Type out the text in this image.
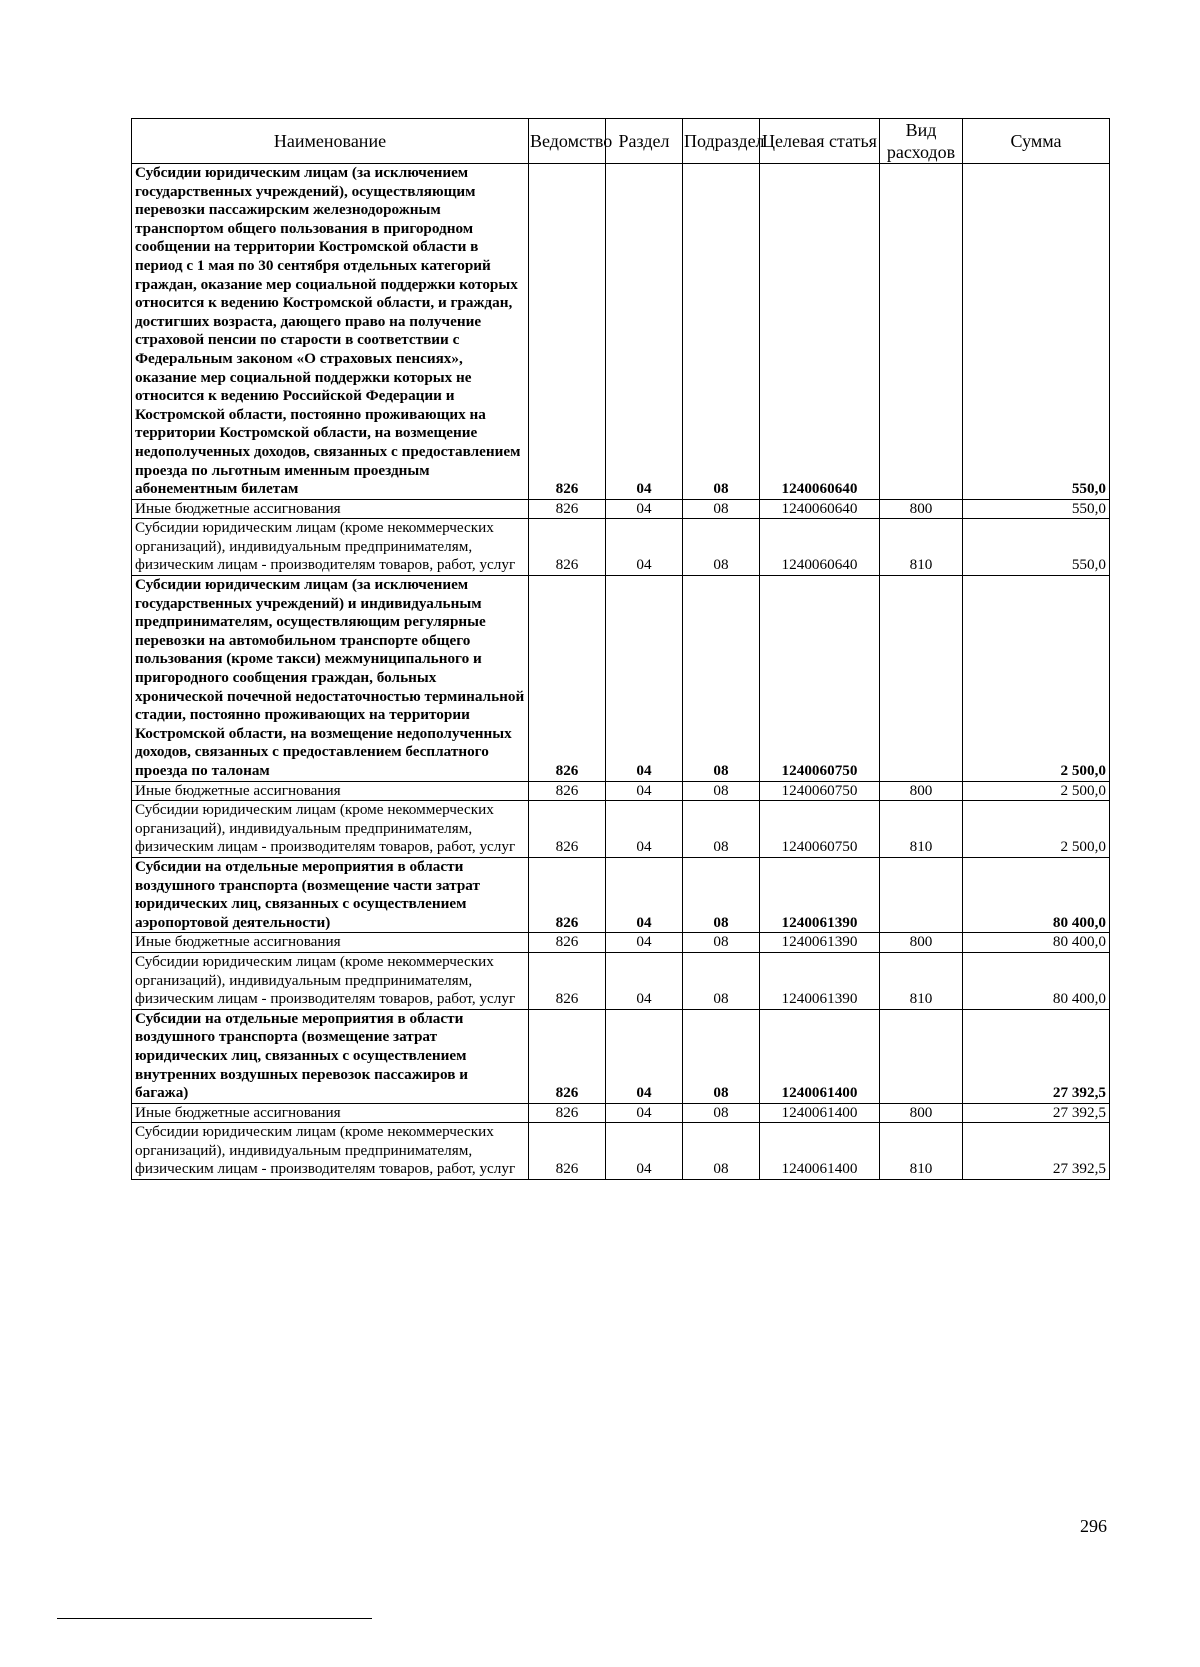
Наименование	Ведомство	Раздел	Подраздел	Целевая статья	Вид расходов	Сумма
Субсидии юридическим лицам (за исключением государственных учреждений), осуществляющим перевозки пассажирским железнодорожным транспортом общего пользования в пригородном сообщении на территории Костромской области в период с 1 мая по 30 сентября отдельных категорий граждан, оказание мер социальной поддержки которых относится к ведению Костромской области, и граждан, достигших возраста, дающего право на получение страховой пенсии по старости в соответствии с Федеральным законом «О страховых пенсиях», оказание мер социальной поддержки которых не относится к ведению Российской Федерации и Костромской области, постоянно проживающих на территории Костромской области, на возмещение недополученных доходов, связанных с предоставлением проезда по льготным именным проездным абонементным билетам	826	04	08	1240060640		550,0
Иные бюджетные ассигнования	826	04	08	1240060640	800	550,0
Субсидии юридическим лицам (кроме некоммерческих организаций), индивидуальным предпринимателям, физическим лицам - производителям товаров, работ, услуг	826	04	08	1240060640	810	550,0
Субсидии юридическим лицам (за исключением государственных учреждений) и индивидуальным предпринимателям, осуществляющим регулярные перевозки на автомобильном транспорте общего пользования (кроме такси) межмуниципального и пригородного сообщения граждан, больных хронической почечной недостаточностью терминальной стадии, постоянно проживающих на территории Костромской области, на возмещение недополученных доходов, связанных с предоставлением бесплатного проезда по талонам	826	04	08	1240060750		2 500,0
Иные бюджетные ассигнования	826	04	08	1240060750	800	2 500,0
Субсидии юридическим лицам (кроме некоммерческих организаций), индивидуальным предпринимателям, физическим лицам - производителям товаров, работ, услуг	826	04	08	1240060750	810	2 500,0
Субсидии на отдельные мероприятия в области воздушного транспорта (возмещение части затрат юридических лиц, связанных с осуществлением аэропортовой деятельности)	826	04	08	1240061390		80 400,0
Иные бюджетные ассигнования	826	04	08	1240061390	800	80 400,0
Субсидии юридическим лицам (кроме некоммерческих организаций), индивидуальным предпринимателям, физическим лицам - производителям товаров, работ, услуг	826	04	08	1240061390	810	80 400,0
Субсидии на отдельные мероприятия в области воздушного транспорта (возмещение затрат юридических лиц, связанных с осуществлением внутренних воздушных перевозок пассажиров и багажа)	826	04	08	1240061400		27 392,5
Иные бюджетные ассигнования	826	04	08	1240061400	800	27 392,5
Субсидии юридическим лицам (кроме некоммерческих организаций), индивидуальным предпринимателям, физическим лицам - производителям товаров, работ, услуг	826	04	08	1240061400	810	27 392,5
296
